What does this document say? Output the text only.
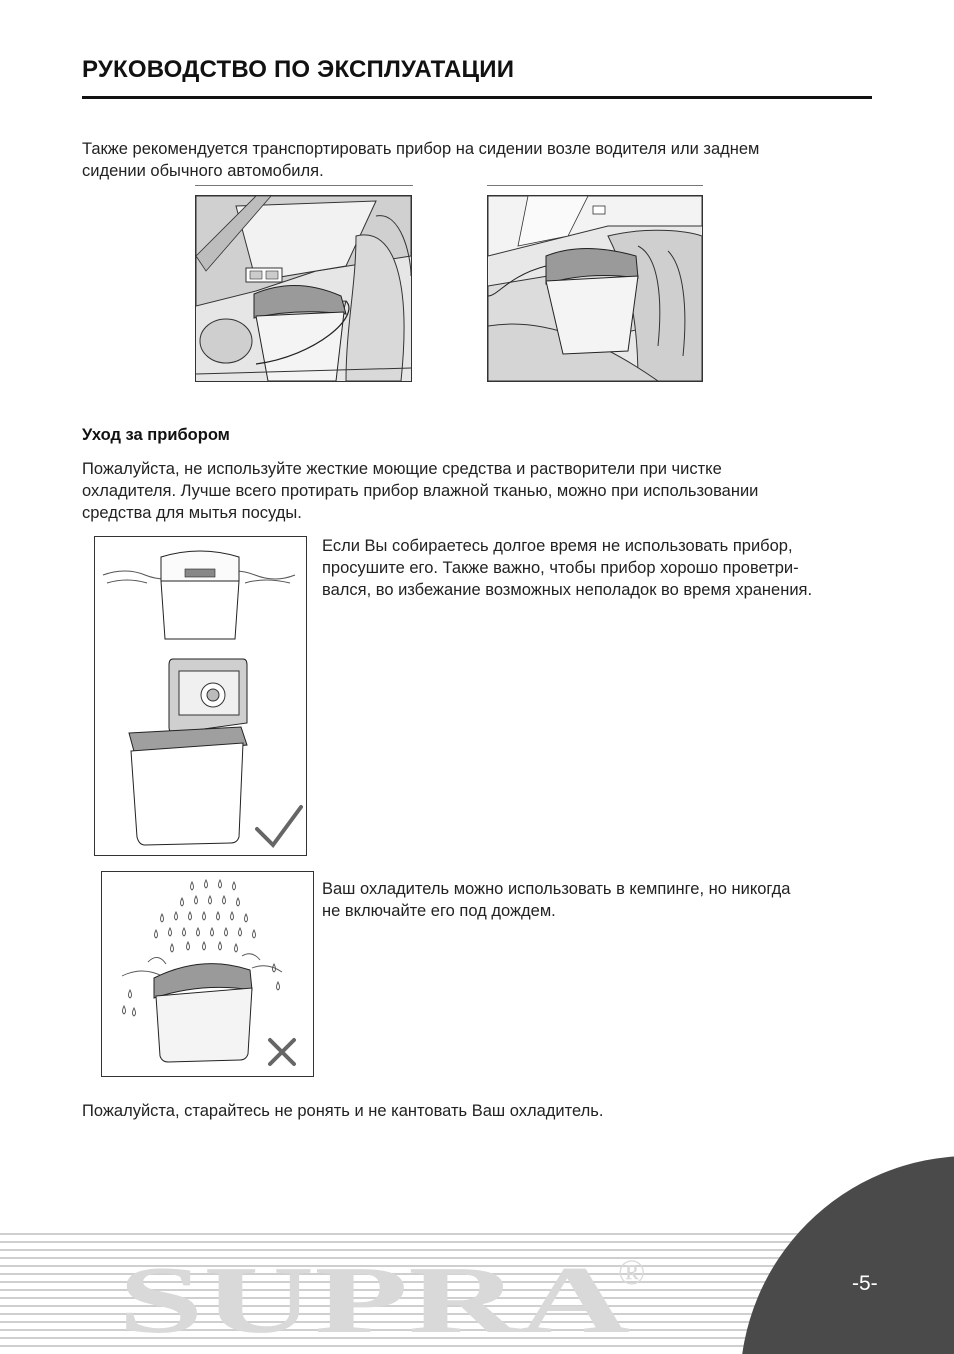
РУКОВОДСТВО ПО ЭКСПЛУАТАЦИИ
Также рекомендуется транспортировать прибор на сидении возле водителя или заднем
сидении обычного автомобиля.
Уход за прибором
Пожалуйста, не используйте жесткие моющие средства и растворители при чистке
охладителя. Лучше всего протирать прибор влажной тканью, можно при использовании
средства для мытья посуды.
Если Вы собираетесь долгое время не использовать прибор,
просушите его. Также важно, чтобы прибор хорошо проветри-
вался, во избежание возможных неполадок во время хранения.
Ваш охладитель можно использовать в кемпинге, но никогда
не включайте его под дождем.
Пожалуйста, старайтесь не ронять и не кантовать Ваш охладитель.
SUPRA
®	-5-
